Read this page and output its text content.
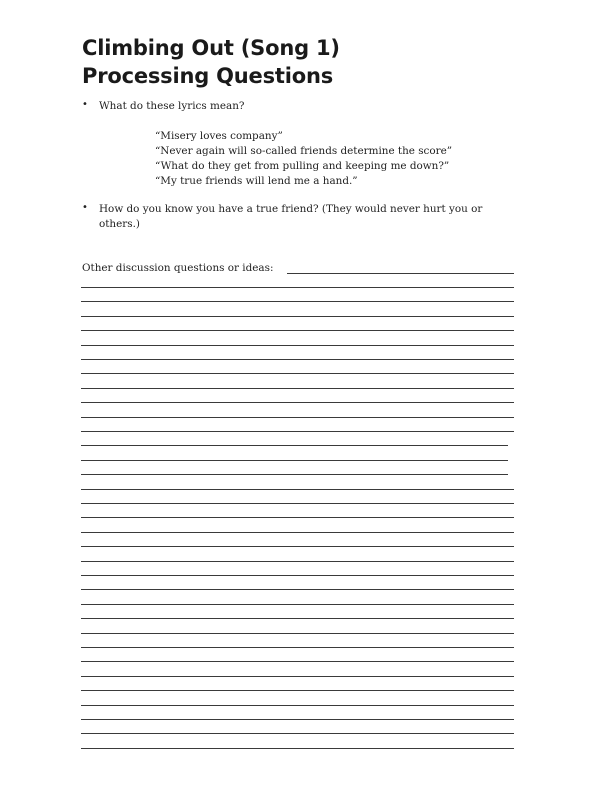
Climbing Out (Song 1)
Processing Questions
• What do these lyrics mean?
“Misery loves company”
“Never again will so-called friends determine the score”
“What do they get from pulling and keeping me down?”
“My true friends will lend me a hand.”
• How do you know you have a true friend? (They would never hurt you or others.)
Other discussion questions or ideas:
